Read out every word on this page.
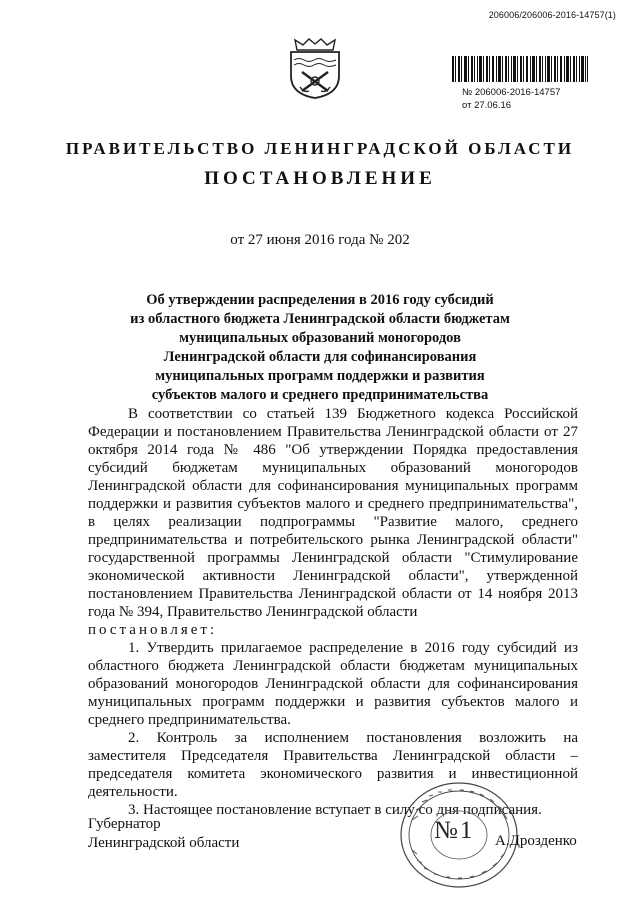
206006/206006-2016-14757(1)
№ 206006-2016-14757
от 27.06.16
ПРАВИТЕЛЬСТВО ЛЕНИНГРАДСКОЙ ОБЛАСТИ
ПОСТАНОВЛЕНИЕ
от 27 июня 2016 года № 202
Об утверждении распределения в 2016 году субсидий
из областного бюджета Ленинградской области бюджетам
муниципальных образований моногородов
Ленинградской области для софинансирования
муниципальных программ поддержки и развития
субъектов малого и среднего предпринимательства

В соответствии со статьей 139 Бюджетного кодекса Российской Федерации и постановлением Правительства Ленинградской области от 27 октября 2014 года № 486 "Об утверждении Порядка предоставления субсидий бюджетам муниципальных образований моногородов Ленинградской области для софинансирования муниципальных программ поддержки и развития субъектов малого и среднего предпринимательства", в целях реализации подпрограммы "Развитие малого, среднего предпринимательства и потребительского рынка Ленинградской области" государственной программы Ленинградской области "Стимулирование экономической активности Ленинградской области", утвержденной постановлением Правительства Ленинградской области от 14 ноября 2013 года № 394, Правительство Ленинградской области

постановляет:

1. Утвердить прилагаемое распределение в 2016 году субсидий из областного бюджета Ленинградской области бюджетам муниципальных образований моногородов Ленинградской области для софинансирования муниципальных программ поддержки и развития субъектов малого и среднего предпринимательства.

2. Контроль за исполнением постановления возложить на заместителя Председателя Правительства Ленинградской области – председателя комитета экономического развития и инвестиционной деятельности.

3. Настоящее постановление вступает в силу со дня подписания.

Губернатор
Ленинградской области	№1 А.Дрозденко
